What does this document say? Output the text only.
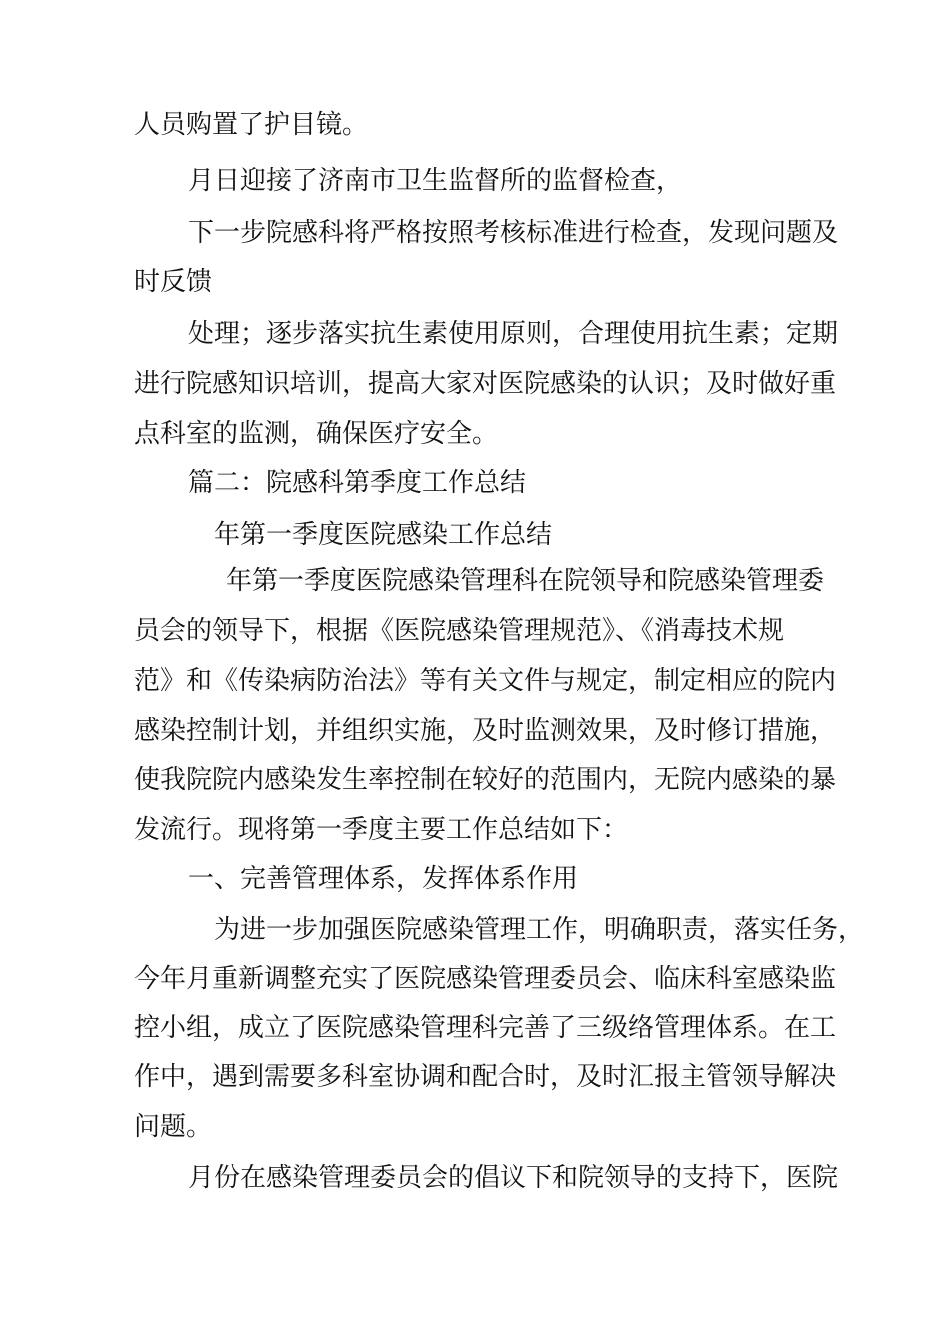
人员购置了护目镜。
月日迎接了济南市卫生监督所的监督检查，
下一步院感科将严格按照考核标准进行检查，发现问题及
时反馈
处理；逐步落实抗生素使用原则，合理使用抗生素；定期
进行院感知识培训，提高大家对医院感染的认识；及时做好重
点科室的监测，确保医疗安全。
篇二：院感科第季度工作总结
年第一季度医院感染工作总结
年第一季度医院感染管理科在院领导和院感染管理委
员会的领导下，根据《医院感染管理规范》、《消毒技术规
范》和《传染病防治法》等有关文件与规定，制定相应的院内
感染控制计划，并组织实施，及时监测效果，及时修订措施，
使我院院内感染发生率控制在较好的范围内，无院内感染的暴
发流行。现将第一季度主要工作总结如下：
一、完善管理体系，发挥体系作用
为进一步加强医院感染管理工作，明确职责，落实任务，
今年月重新调整充实了医院感染管理委员会、临床科室感染监
控小组，成立了医院感染管理科完善了三级络管理体系。在工
作中，遇到需要多科室协调和配合时，及时汇报主管领导解决
问题。
月份在感染管理委员会的倡议下和院领导的支持下，医院
